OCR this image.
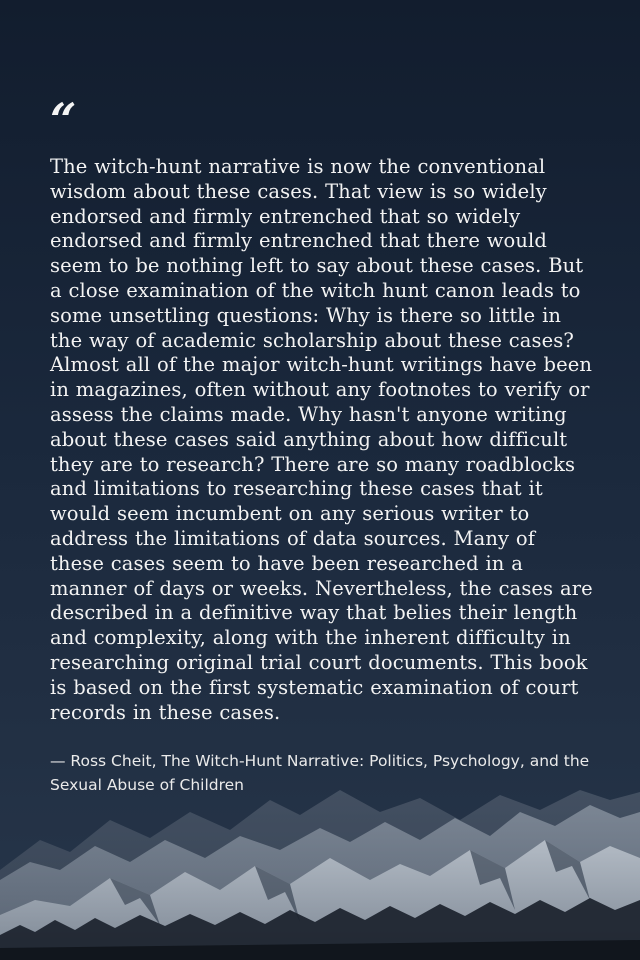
“

The witch-hunt narrative is now the conventional wisdom about these cases. That view is so widely endorsed and firmly entrenched that so widely endorsed and firmly entrenched that there would seem to be nothing left to say about these cases. But a close examination of the witch hunt canon leads to some unsettling questions: Why is there so little in the way of academic scholarship about these cases? Almost all of the major witch-hunt writings have been in magazines, often without any footnotes to verify or assess the claims made. Why hasn't anyone writing about these cases said anything about how difficult they are to research? There are so many roadblocks and limitations to researching these cases that it would seem incumbent on any serious writer to address the limitations of data sources. Many of these cases seem to have been researched in a manner of days or weeks. Nevertheless, the cases are described in a definitive way that belies their length and complexity, along with the inherent difficulty in researching original trial court documents. This book is based on the first systematic examination of court records in these cases.

— Ross Cheit, The Witch-Hunt Narrative: Politics, Psychology, and the Sexual Abuse of Children
